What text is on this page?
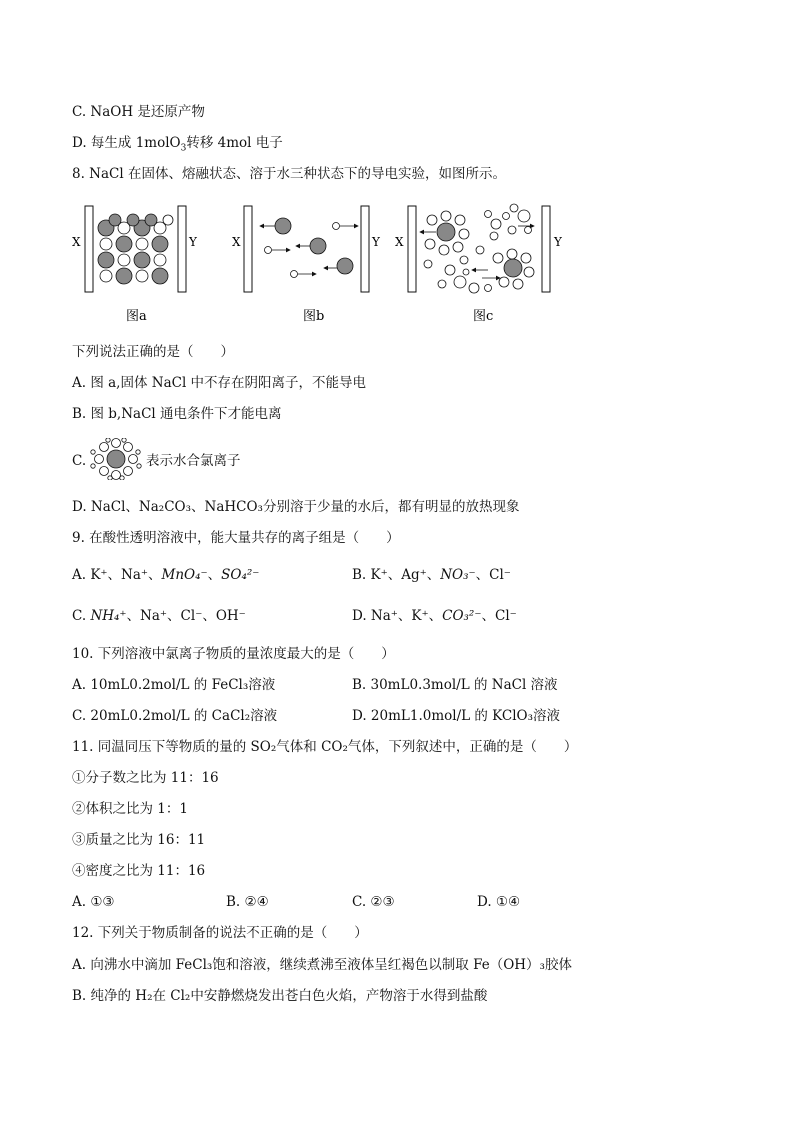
C. NaOH 是还原产物
D. 每生成 1molO$_3$转移 4mol 电子
8. NaCl 在固体、熔融状态、溶于水三种状态下的导电实验，如图所示。
X	Y
图a
X	Y
图b
X	Y
图c
下列说法正确的是（　　）
A. 图 a,固体 NaCl 中不存在阴阳离子，不能导电
B. 图 b,NaCl 通电条件下才能电离
C.	表示水合氯离子
D. NaCl、Na₂CO₃、NaHCO₃分别溶于少量的水后，都有明显的放热现象
9. 在酸性透明溶液中，能大量共存的离子组是（　　）
A. K⁺、Na⁺、MnO₄⁻、SO₄²⁻	B. K⁺、Ag⁺、NO₃⁻、Cl⁻
C. NH₄⁺、Na⁺、Cl⁻、OH⁻	D. Na⁺、K⁺、CO₃²⁻、Cl⁻
10. 下列溶液中氯离子物质的量浓度最大的是（　　）
A. 10mL0.2mol/L 的 FeCl₃溶液	B. 30mL0.3mol/L 的 NaCl 溶液
C. 20mL0.2mol/L 的 CaCl₂溶液	D. 20mL1.0mol/L 的 KClO₃溶液
11. 同温同压下等物质的量的 SO₂气体和 CO₂气体，下列叙述中，正确的是（　　）
①分子数之比为 11：16
②体积之比为 1：1
③质量之比为 16：11
④密度之比为 11：16
A. ①③	B. ②④	C. ②③	D. ①④
12. 下列关于物质制备的说法不正确的是（　　）
A. 向沸水中滴加 FeCl₃饱和溶液，继续煮沸至液体呈红褐色以制取 Fe（OH）₃胶体
B. 纯净的 H₂在 Cl₂中安静燃烧发出苍白色火焰，产物溶于水得到盐酸
